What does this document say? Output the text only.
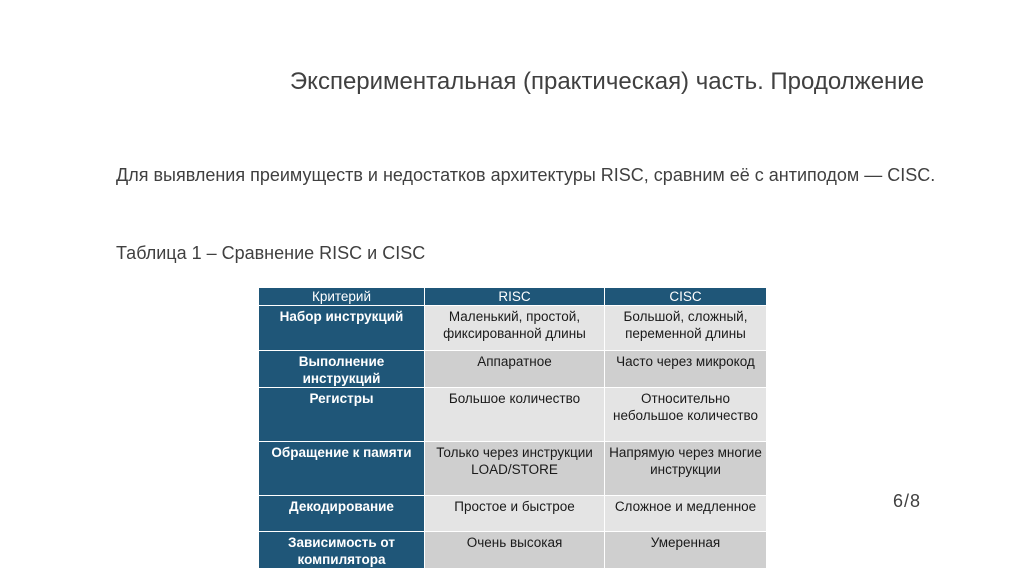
Экспериментальная (практическая) часть. Продолжение
Для выявления преимуществ и недостатков архитектуры RISC, сравним её с антиподом — CISC.
Таблица 1 – Сравнение RISC и CISC
Критерий	RISC	CISC
Набор инструкций	Маленький, простой, фиксированной длины	Большой, сложный, переменной длины
Выполнение инструкций	Аппаратное	Часто через микрокод
Регистры	Большое количество	Относительно небольшое количество
Обращение к памяти	Только через инструкции LOAD/STORE	Напрямую через многие инструкции
Декодирование	Простое и быстрое	Сложное и медленное
Зависимость от компилятора	Очень высокая	Умеренная
6/8
